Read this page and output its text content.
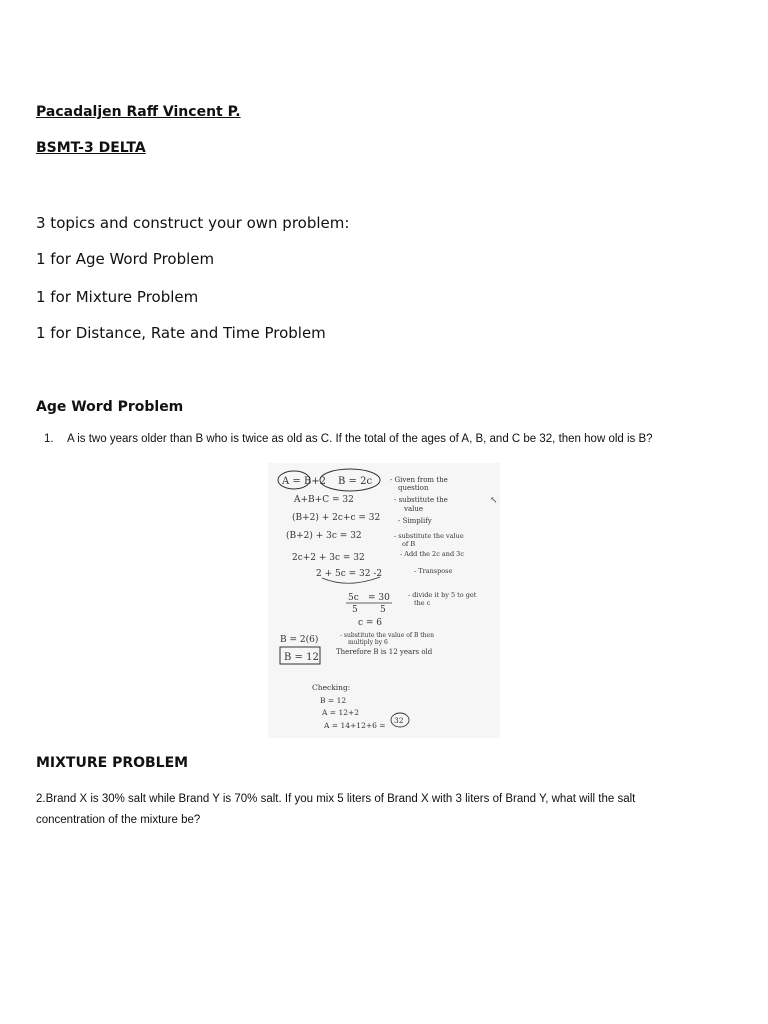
Pacadaljen Raff Vincent P.

BSMT-3 DELTA

3 topics and construct your own problem:

1 for Age Word Problem

1 for Mixture Problem

1 for Distance, Rate and Time Problem

Age Word Problem

1. A is two years older than B who is twice as old as C. If the total of the ages of A, B, and C be 32, then how old is B?
A = B+2 B = 2c	- Given from the
question
A+B+C = 32	- substitute the
value
↖
(B+2) + 2c+c = 32	- Simplify
(B+2) + 3c = 32	- substitute the value
of B
2c+2 + 3c = 32	- Add the 2c and 3c
2 + 5c = 32 -2	- Transpose
5c = 30
5 5
- divide it by 5 to get
the c
c = 6
B = 2(6)	- substitute the value of B then
multiply by 6
B = 12 Therefore B is 12 years old
Checking:
B = 12
A = 12+2
A = 14+12+6 =
32

MIXTURE PROBLEM

2.Brand X is 30% salt while Brand Y is 70% salt. If you mix 5 liters of Brand X with 3 liters of Brand Y, what will the salt
concentration of the mixture be?
